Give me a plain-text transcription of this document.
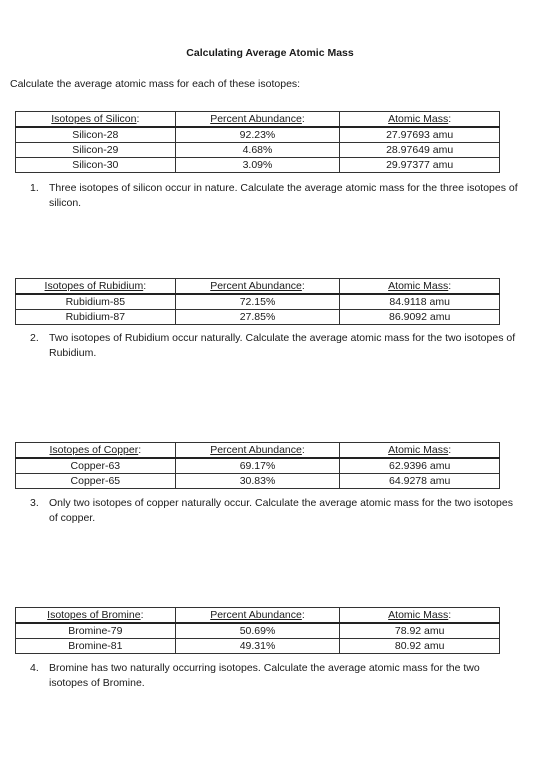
Calculating Average Atomic Mass
Calculate the average atomic mass for each of these isotopes:
Isotopes of Silicon:	Percent Abundance:	Atomic Mass:
Silicon-28	92.23%	27.97693 amu
Silicon-29	4.68%	28.97649 amu
Silicon-30	3.09%	29.97377 amu
1. Three isotopes of silicon occur in nature. Calculate the average atomic mass for the three isotopes of silicon.
Isotopes of Rubidium:	Percent Abundance:	Atomic Mass:
Rubidium-85	72.15%	84.9118 amu
Rubidium-87	27.85%	86.9092 amu
2. Two isotopes of Rubidium occur naturally. Calculate the average atomic mass for the two isotopes of Rubidium.
Isotopes of Copper:	Percent Abundance:	Atomic Mass:
Copper-63	69.17%	62.9396 amu
Copper-65	30.83%	64.9278 amu
3. Only two isotopes of copper naturally occur. Calculate the average atomic mass for the two isotopes of copper.
Isotopes of Bromine:	Percent Abundance:	Atomic Mass:
Bromine-79	50.69%	78.92 amu
Bromine-81	49.31%	80.92 amu
4. Bromine has two naturally occurring isotopes. Calculate the average atomic mass for the two isotopes of Bromine.
